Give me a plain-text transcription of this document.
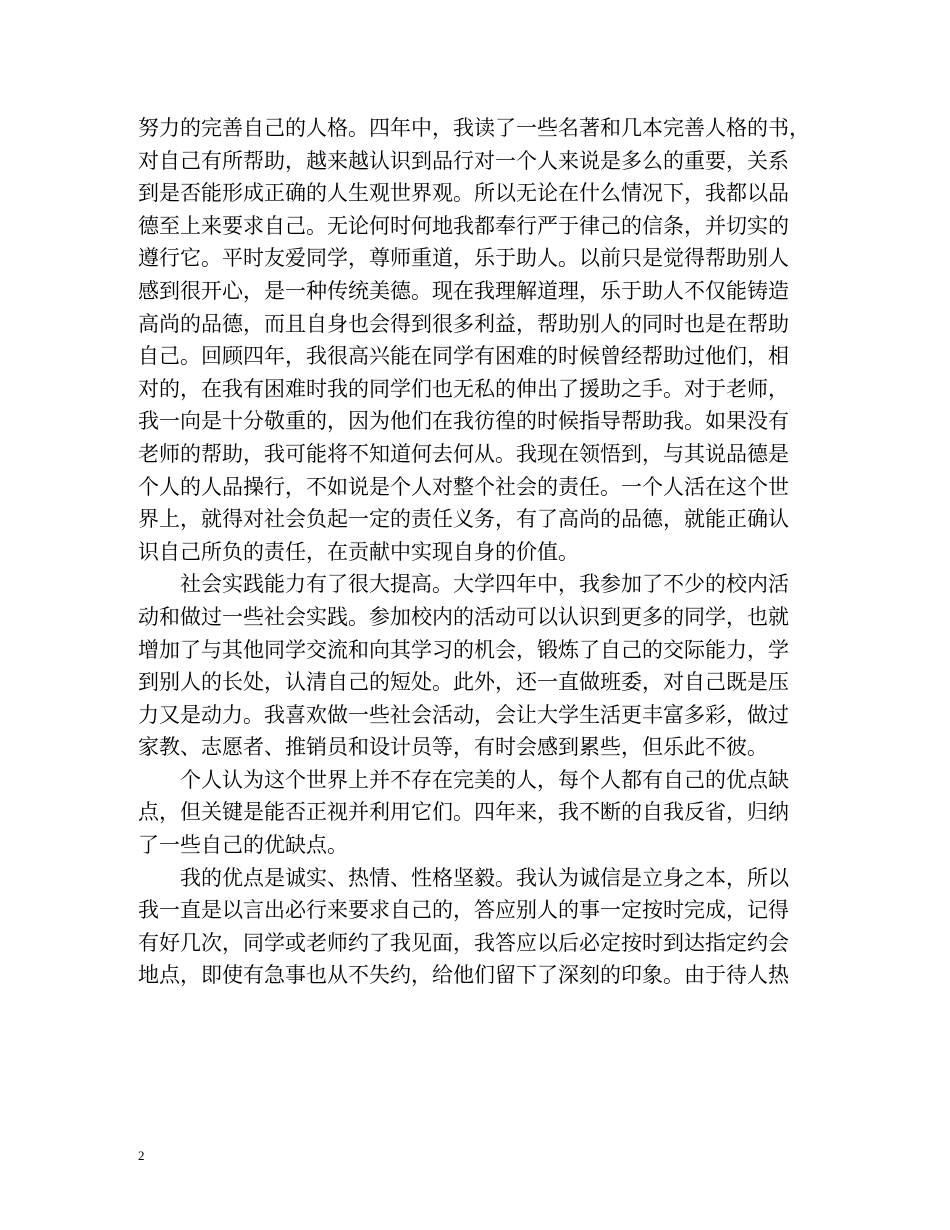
努力的完善自己的人格。四年中，我读了一些名著和几本完善人格的书，
对自己有所帮助，越来越认识到品行对一个人来说是多么的重要，关系
到是否能形成正确的人生观世界观。所以无论在什么情况下，我都以品
德至上来要求自己。无论何时何地我都奉行严于律己的信条，并切实的
遵行它。平时友爱同学，尊师重道，乐于助人。以前只是觉得帮助别人
感到很开心，是一种传统美德。现在我理解道理，乐于助人不仅能铸造
高尚的品德，而且自身也会得到很多利益，帮助别人的同时也是在帮助
自己。回顾四年，我很高兴能在同学有困难的时候曾经帮助过他们，相
对的，在我有困难时我的同学们也无私的伸出了援助之手。对于老师，
我一向是十分敬重的，因为他们在我彷徨的时候指导帮助我。如果没有
老师的帮助，我可能将不知道何去何从。我现在领悟到，与其说品德是
个人的人品操行，不如说是个人对整个社会的责任。一个人活在这个世
界上，就得对社会负起一定的责任义务，有了高尚的品德，就能正确认
识自己所负的责任，在贡献中实现自身的价值。
社会实践能力有了很大提高。大学四年中，我参加了不少的校内活
动和做过一些社会实践。参加校内的活动可以认识到更多的同学，也就
增加了与其他同学交流和向其学习的机会，锻炼了自己的交际能力，学
到别人的长处，认清自己的短处。此外，还一直做班委，对自己既是压
力又是动力。我喜欢做一些社会活动，会让大学生活更丰富多彩，做过
家教、志愿者、推销员和设计员等，有时会感到累些，但乐此不彼。
个人认为这个世界上并不存在完美的人，每个人都有自己的优点缺
点，但关键是能否正视并利用它们。四年来，我不断的自我反省，归纳
了一些自己的优缺点。
我的优点是诚实、热情、性格坚毅。我认为诚信是立身之本，所以
我一直是以言出必行来要求自己的，答应别人的事一定按时完成，记得
有好几次，同学或老师约了我见面，我答应以后必定按时到达指定约会
地点，即使有急事也从不失约，给他们留下了深刻的印象。由于待人热
2
